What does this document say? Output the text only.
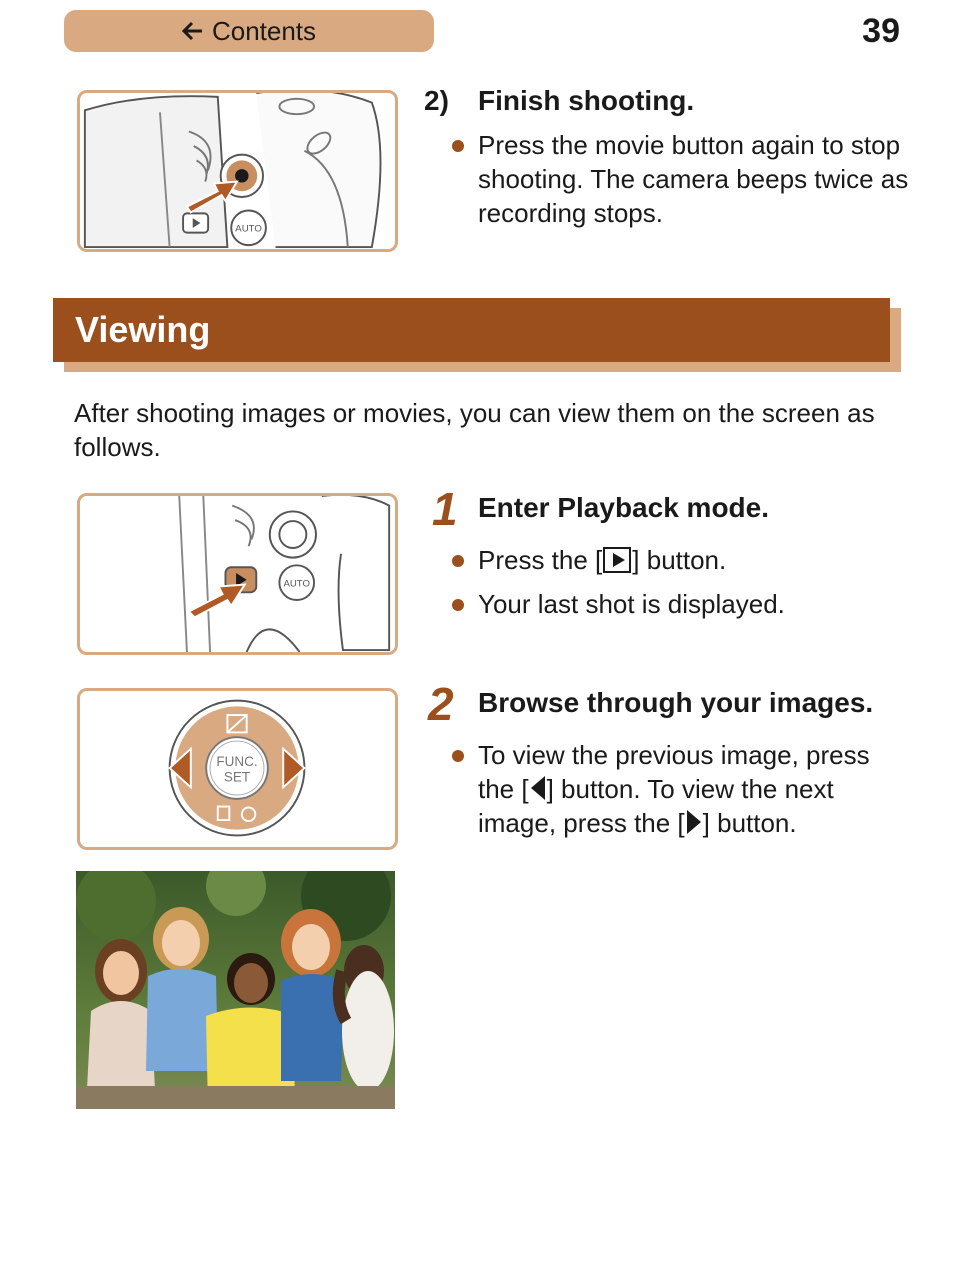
Contents	39
AUTO
2) Finish shooting.
Press the movie button again to stop shooting. The camera beeps twice as recording stops.
Viewing
After shooting images or movies, you can view them on the screen as follows.
AUTO
1 Enter Playback mode.
Press the [ ] button.
Your last shot is displayed.
FUNC.
SET
2 Browse through your images.
To view the previous image, press the [ ] button. To view the next image, press the [ ] button.
